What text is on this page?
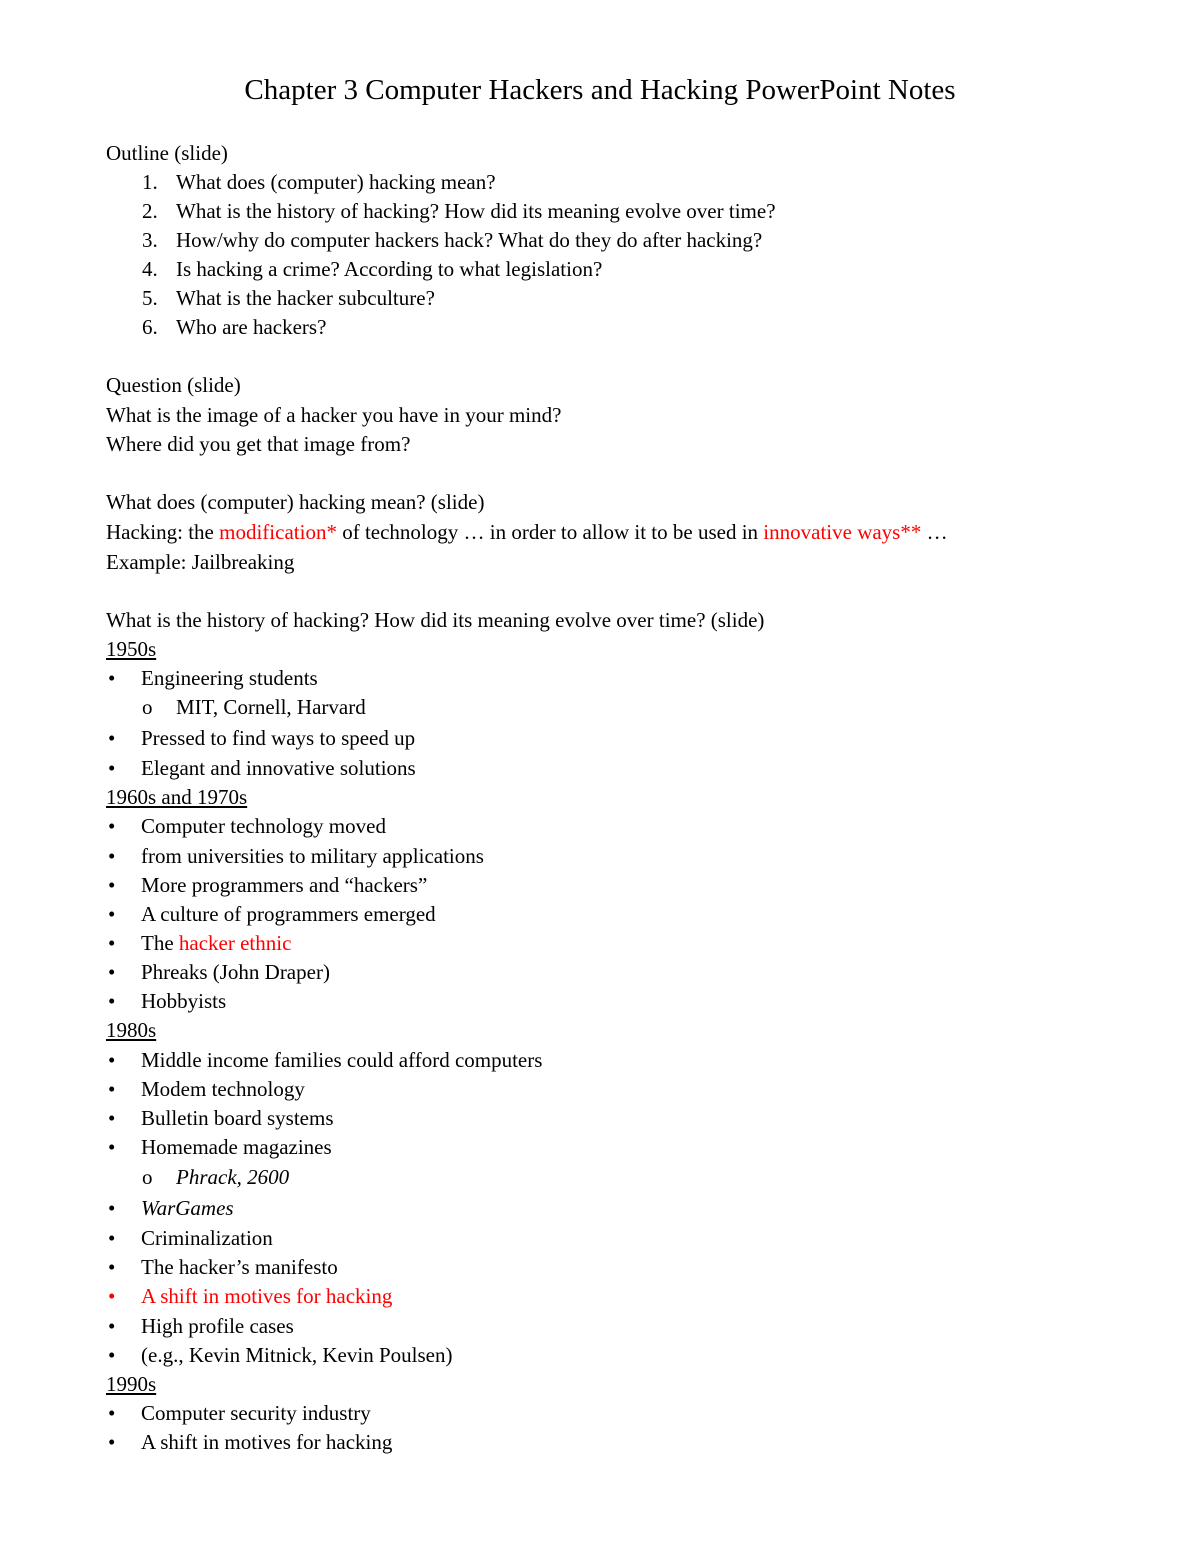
Chapter 3 Computer Hackers and Hacking PowerPoint Notes
Outline (slide)
1. What does (computer) hacking mean?
2. What is the history of hacking? How did its meaning evolve over time?
3. How/why do computer hackers hack? What do they do after hacking?
4. Is hacking a crime? According to what legislation?
5. What is the hacker subculture?
6. Who are hackers?
Question (slide)
What is the image of a hacker you have in your mind?
Where did you get that image from?
What does (computer) hacking mean? (slide)
Hacking: the modification* of technology … in order to allow it to be used in innovative ways** …
Example: Jailbreaking
What is the history of hacking? How did its meaning evolve over time? (slide)
1950s
• Engineering students
o MIT, Cornell, Harvard
• Pressed to find ways to speed up
• Elegant and innovative solutions
1960s and 1970s
• Computer technology moved
• from universities to military applications
• More programmers and “hackers”
• A culture of programmers emerged
• The hacker ethnic
• Phreaks (John Draper)
• Hobbyists
1980s
• Middle income families could afford computers
• Modem technology
• Bulletin board systems
• Homemade magazines
o Phrack, 2600
• WarGames
• Criminalization
• The hacker’s manifesto
• A shift in motives for hacking
• High profile cases
• (e.g., Kevin Mitnick, Kevin Poulsen)
1990s
• Computer security industry
• A shift in motives for hacking
